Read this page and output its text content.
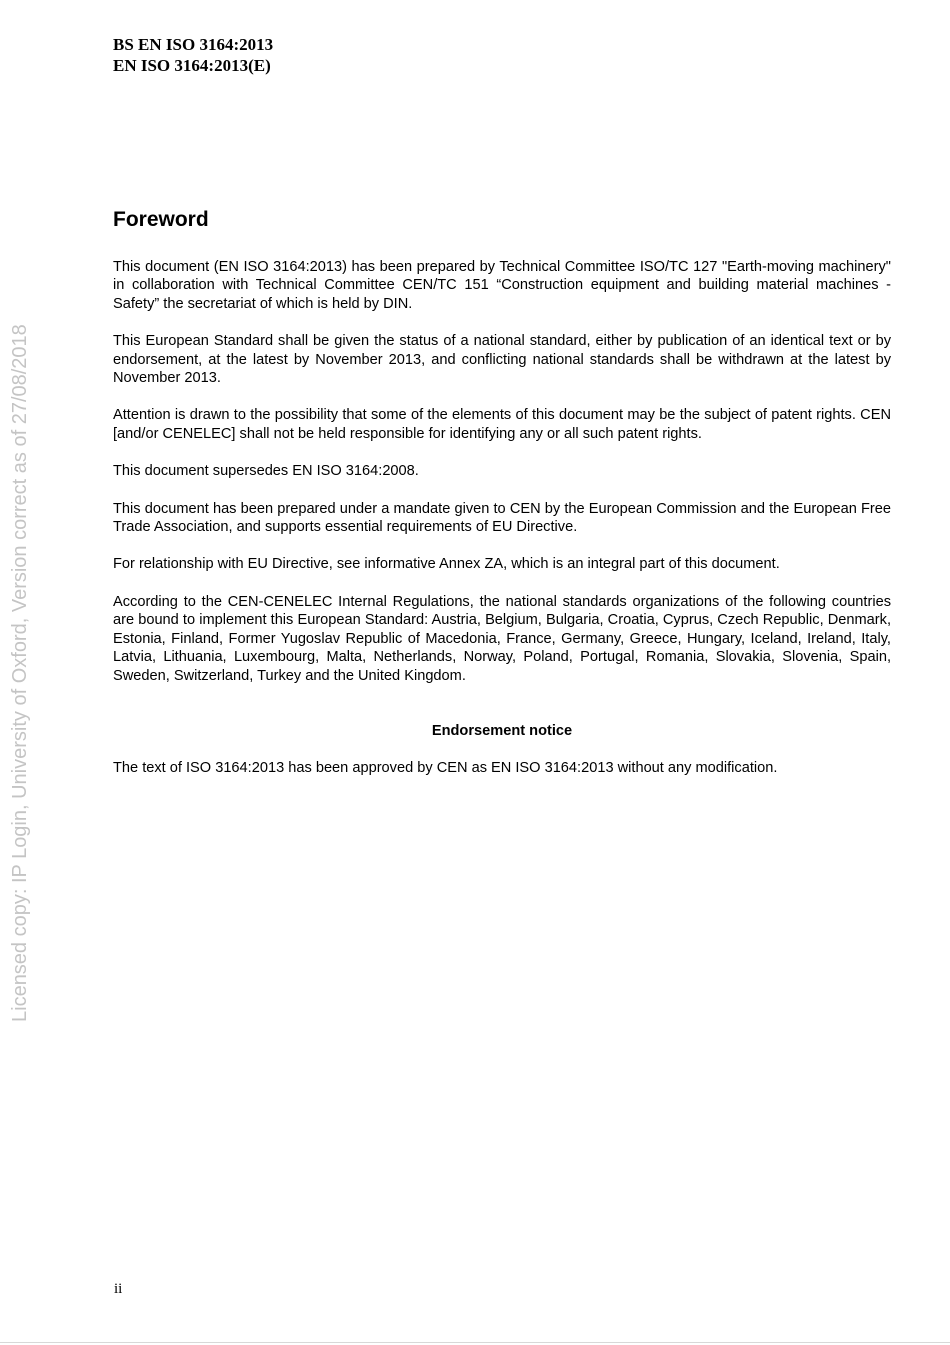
BS EN ISO 3164:2013
EN ISO 3164:2013(E)
Foreword

This document (EN ISO 3164:2013) has been prepared by Technical Committee ISO/TC 127 "Earth-moving machinery" in collaboration with Technical Committee CEN/TC 151 “Construction equipment and building material machines - Safety” the secretariat of which is held by DIN.

This European Standard shall be given the status of a national standard, either by publication of an identical text or by endorsement, at the latest by November 2013, and conflicting national standards shall be withdrawn at the latest by November 2013.

Attention is drawn to the possibility that some of the elements of this document may be the subject of patent rights. CEN [and/or CENELEC] shall not be held responsible for identifying any or all such patent rights.

This document supersedes EN ISO 3164:2008.

This document has been prepared under a mandate given to CEN by the European Commission and the European Free Trade Association, and supports essential requirements of EU Directive.

For relationship with EU Directive, see informative Annex ZA, which is an integral part of this document.

According to the CEN-CENELEC Internal Regulations, the national standards organizations of the following countries are bound to implement this European Standard: Austria, Belgium, Bulgaria, Croatia, Cyprus, Czech Republic, Denmark, Estonia, Finland, Former Yugoslav Republic of Macedonia, France, Germany, Greece, Hungary, Iceland, Ireland, Italy, Latvia, Lithuania, Luxembourg, Malta, Netherlands, Norway, Poland, Portugal, Romania, Slovakia, Slovenia, Spain, Sweden, Switzerland, Turkey and the United Kingdom.

Endorsement notice

The text of ISO 3164:2013 has been approved by CEN as EN ISO 3164:2013 without any modification.

Licensed copy: IP Login, University of Oxford, Version correct as of 27/08/2018
ii
